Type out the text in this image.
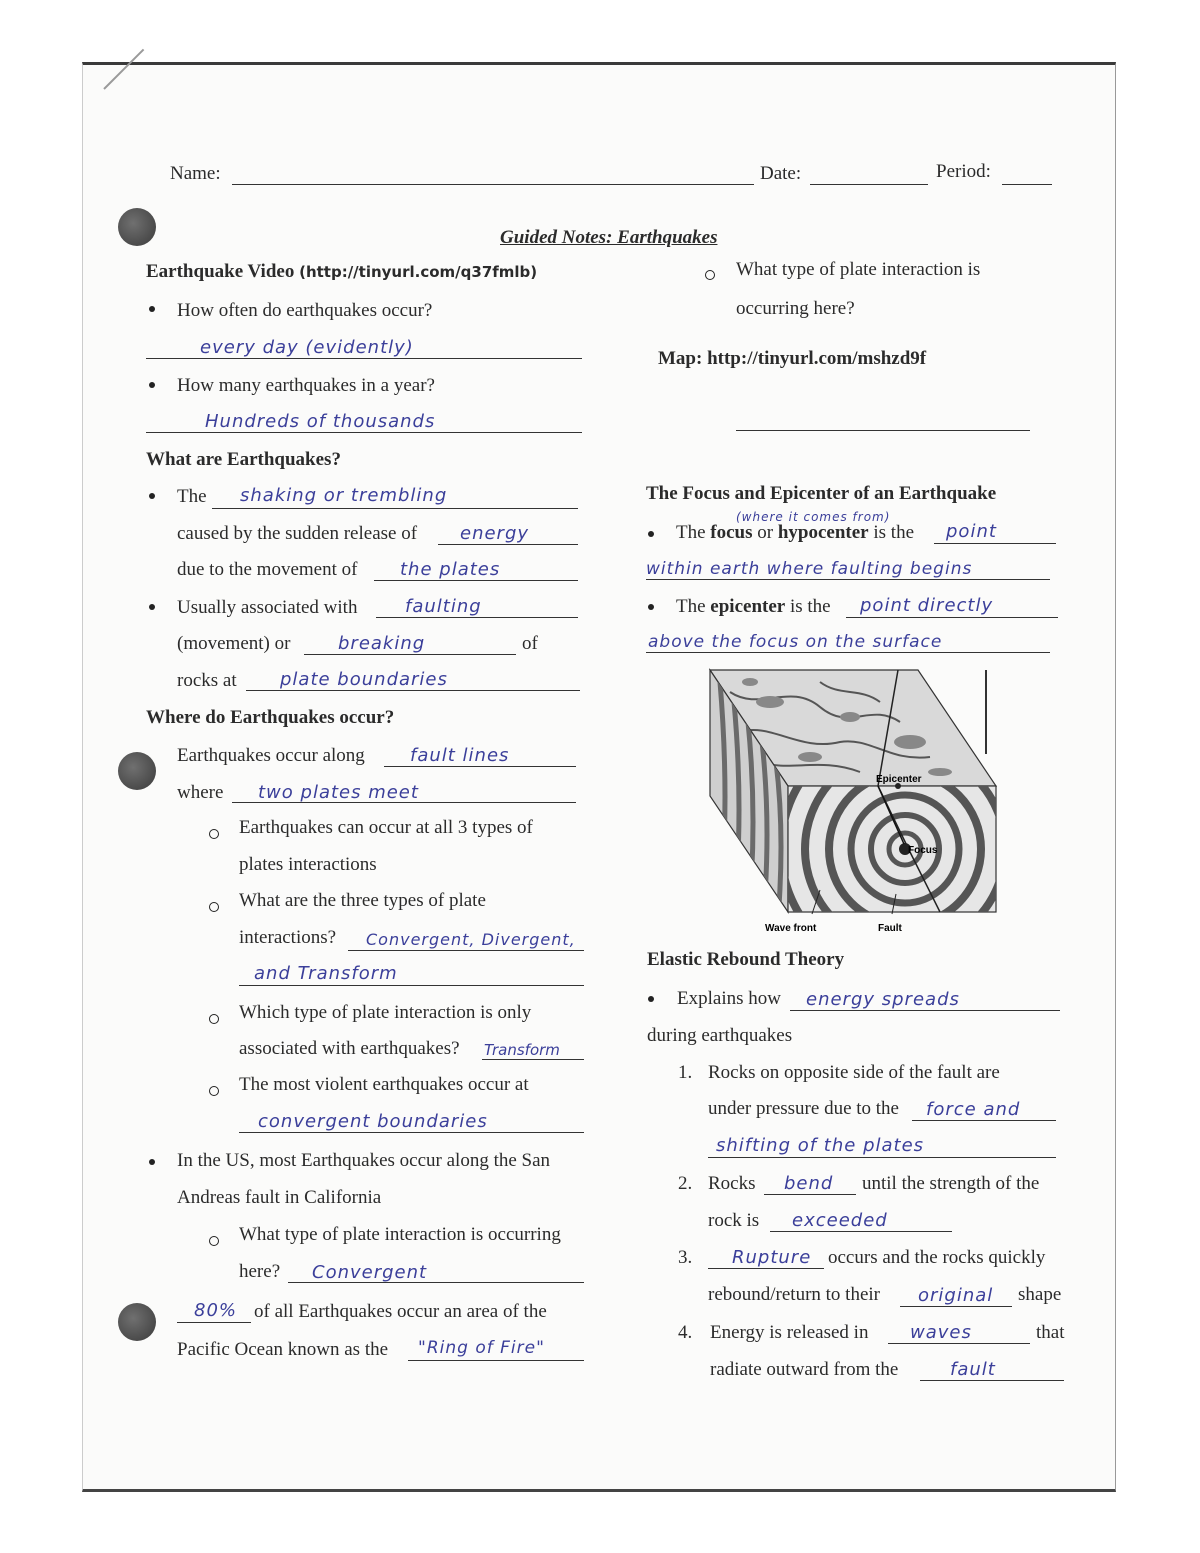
Name:	Date:	Period:
Guided Notes: Earthquakes
Earthquake Video (http://tinyurl.com/q37fmlb)
How often do earthquakes occur?
every day (evidently)
How many earthquakes in a year?
Hundreds of thousands
What are Earthquakes?
The shaking or trembling
caused by the sudden release of energy
due to the movement of the plates
Usually associated with	faulting
(movement) or	breaking	of
rocks at plate boundaries
Where do Earthquakes occur?
Earthquakes occur along	fault lines
where two plates meet
Earthquakes can occur at all 3 types of
plates interactions
What are the three types of plate
interactions? Convergent, Divergent,
and Transform
Which type of plate interaction is only
associated with earthquakes? Transform
The most violent earthquakes occur at
convergent boundaries
In the US, most Earthquakes occur along the San
Andreas fault in California
What type of plate interaction is occurring
here? Convergent
80% of all Earthquakes occur an area of the
Pacific Ocean known as the "Ring of Fire"
What type of plate interaction is
occurring here?
Map: http://tinyurl.com/mshzd9f
The Focus and Epicenter of an Earthquake
(where it comes from)
The focus or hypocenter is the point
within earth where faulting begins
The epicenter is the point directly
above the focus on the surface
Epicenter
Focus
Wave front	Fault
Elastic Rebound Theory
Explains how energy spreads
during earthquakes
1. Rocks on opposite side of the fault are
under pressure due to the force and
shifting of the plates
2. Rocks bend until the strength of the
rock is exceeded
3. Rupture occurs and the rocks quickly
rebound/return to their original shape
4. Energy is released in waves	that
radiate outward from the	fault
